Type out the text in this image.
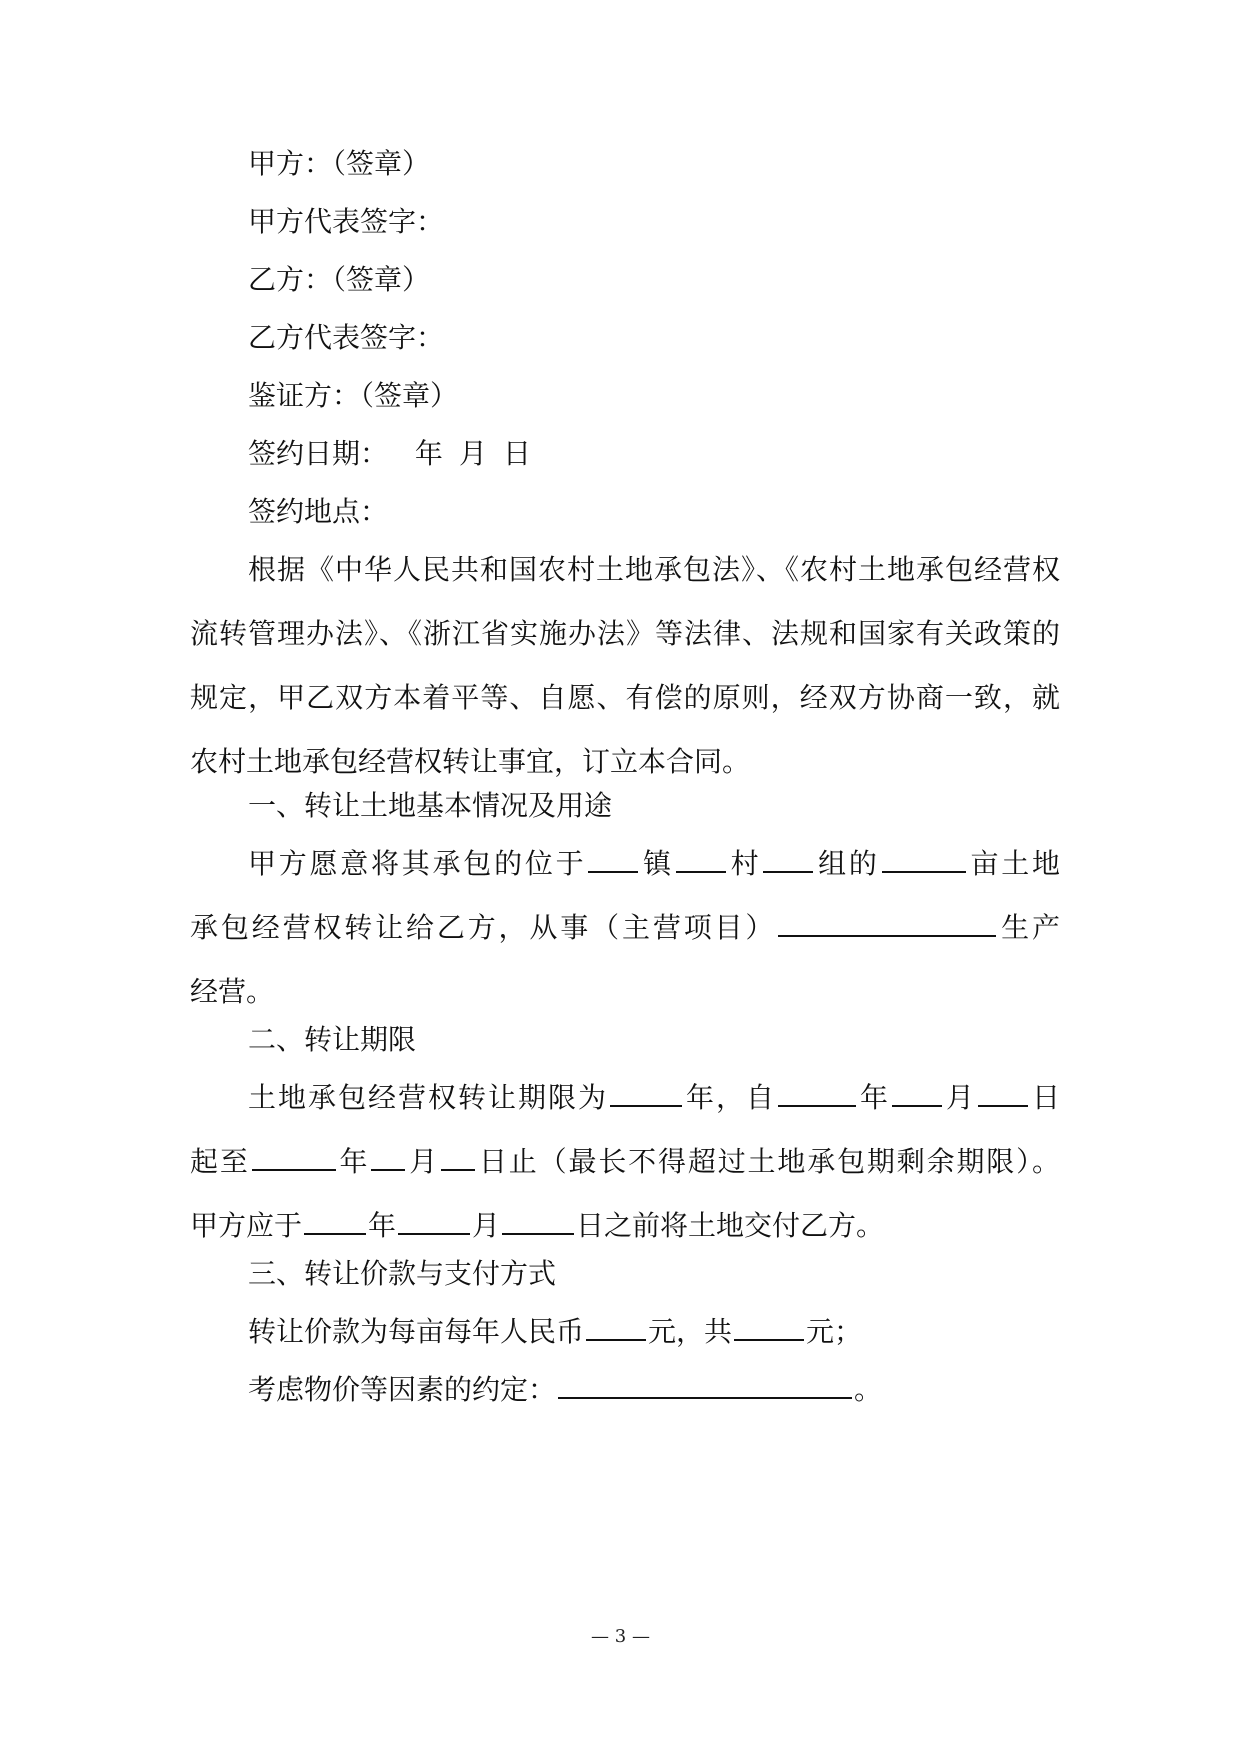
甲方：（签章）
甲方代表签字：
乙方：（签章）
乙方代表签字：
鉴证方：（签章）
签约日期： 年 月 日
签约地点：
根据《中华人民共和国农村土地承包法》、《农村土地承包经营权
流转管理办法》、《浙江省实施办法》等法律、法规和国家有关政策的
规定，甲乙双方本着平等、自愿、有偿的原则，经双方协商一致，就
农村土地承包经营权转让事宜，订立本合同。
一、转让土地基本情况及用途
甲方愿意将其承包的位于 镇 村 组的	亩土地
承包经营权转让给乙方，从事（主营项目）	生产
经营。
二、转让期限
土地承包经营权转让期限为	年，自	年 月 日
起至	年 月 日止（最长不得超过土地承包期剩余期限）。
甲方应于 年	月	日之前将土地交付乙方。
三、转让价款与支付方式
转让价款为每亩每年人民币 元，共	元；
考虑物价等因素的约定：	。
— 3 —
